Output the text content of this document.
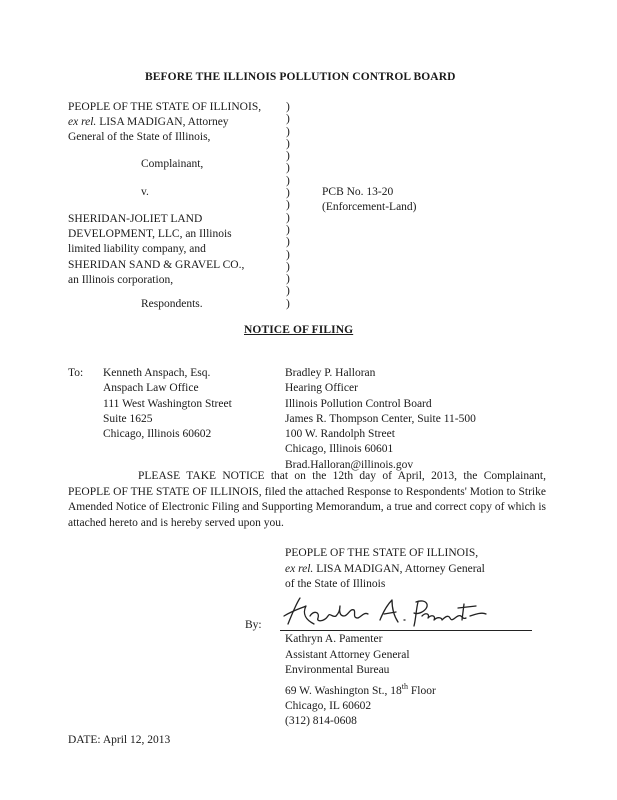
BEFORE THE ILLINOIS POLLUTION CONTROL BOARD
PEOPLE OF THE STATE OF ILLINOIS,
ex rel. LISA MADIGAN, Attorney
General of the State of Illinois,
Complainant,
v.
SHERIDAN-JOLIET LAND
DEVELOPMENT, LLC, an Illinois
limited liability company, and
SHERIDAN SAND & GRAVEL CO.,
an Illinois corporation,
Respondents.
)
)
)
)
)
)
)
)
)
)
)
)
)
)
)
)
)
PCB No. 13-20
(Enforcement-Land)
NOTICE OF FILING
To: Kenneth Anspach, Esq.
Anspach Law Office
111 West Washington Street
Suite 1625
Chicago, Illinois 60602
Bradley P. Halloran
Hearing Officer
Illinois Pollution Control Board
James R. Thompson Center, Suite 11-500
100 W. Randolph Street
Chicago, Illinois 60601
Brad.Halloran@illinois.gov
PLEASE TAKE NOTICE that on the 12th day of April, 2013, the Complainant, PEOPLE OF THE STATE OF ILLINOIS, filed the attached Response to Respondents' Motion to Strike Amended Notice of Electronic Filing and Supporting Memorandum, a true and correct copy of which is attached hereto and is hereby served upon you.
PEOPLE OF THE STATE OF ILLINOIS,
ex rel. LISA MADIGAN, Attorney General
of the State of Illinois
By:
Kathryn A. Pamenter
Assistant Attorney General
Environmental Bureau
69 W. Washington St., 18th Floor
Chicago, IL 60602
(312) 814-0608
DATE: April 12, 2013
